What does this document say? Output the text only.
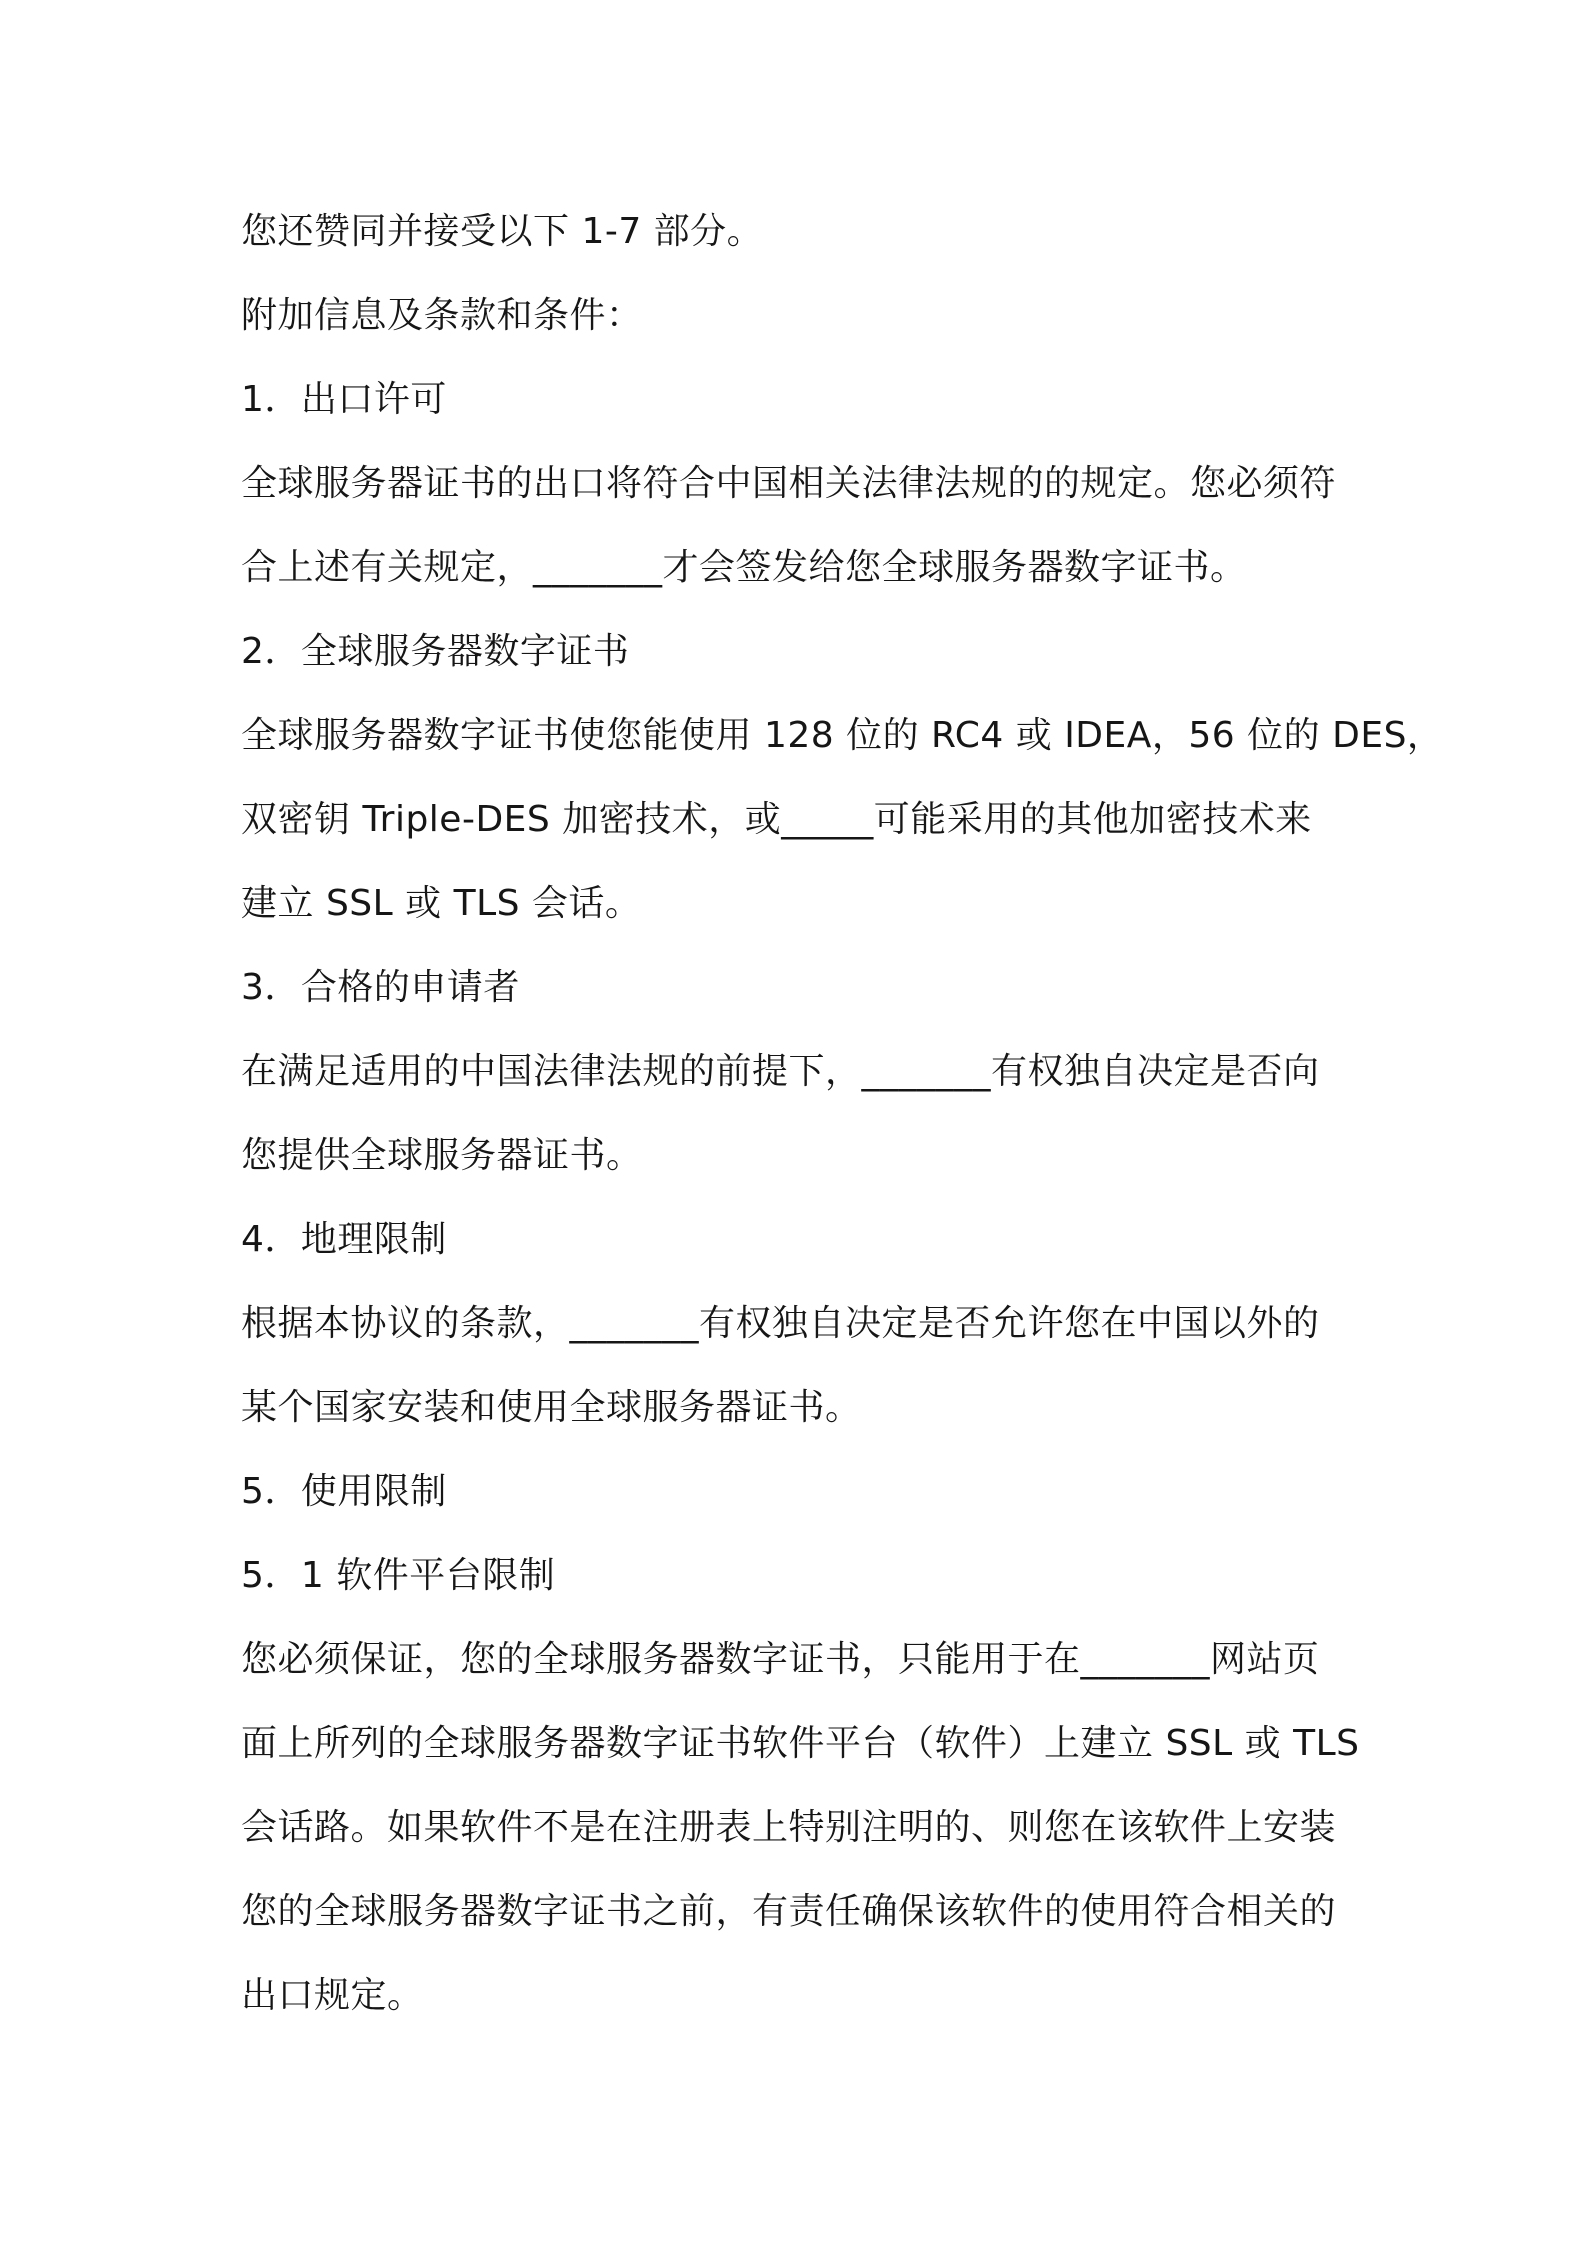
您还赞同并接受以下 1-7 部分。
附加信息及条款和条件：
1．出口许可
全球服务器证书的出口将符合中国相关法律法规的的规定。您必须符
合上述有关规定，_______才会签发给您全球服务器数字证书。
2．全球服务器数字证书
全球服务器数字证书使您能使用 128 位的 RC4 或 IDEA，56 位的 DES，
双密钥 Triple-DES 加密技术，或_____可能采用的其他加密技术来
建立 SSL 或 TLS 会话。
3．合格的申请者
在满足适用的中国法律法规的前提下，_______有权独自决定是否向
您提供全球服务器证书。
4．地理限制
根据本协议的条款，_______有权独自决定是否允许您在中国以外的
某个国家安装和使用全球服务器证书。
5．使用限制
5．1 软件平台限制
您必须保证，您的全球服务器数字证书，只能用于在_______网站页
面上所列的全球服务器数字证书软件平台（软件）上建立 SSL 或 TLS
会话路。如果软件不是在注册表上特别注明的、则您在该软件上安装
您的全球服务器数字证书之前，有责任确保该软件的使用符合相关的
出口规定。
